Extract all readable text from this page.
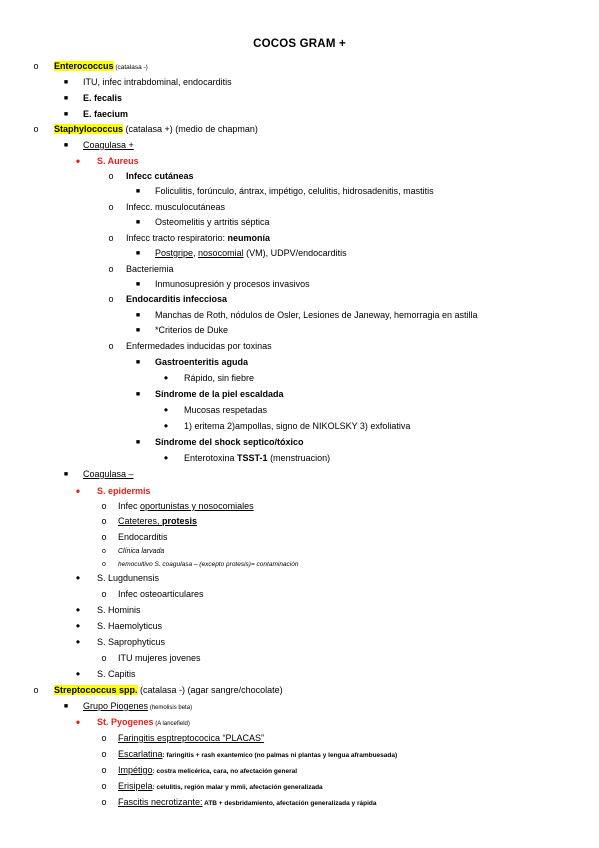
COCOS GRAM +
o	Enterococcus (catalasa -)
■	ITU, infec intrabdominal, endocarditis
■	E. fecalis
■	E. faecium
o	Staphylococcus (catalasa +) (medio de chapman)
■	Coagulasa +
•	S. Aureus
o	Infecc cutáneas
■	Foliculitis, forúnculo, ántrax, impétigo, celulitis, hidrosadenitis, mastitis
o	Infecc. musculocutáneas
■	Osteomelitis y artritis séptica
o	Infecc tracto respiratorio: neumonía
■	Postgripe, nosocomial (VM), UDPV/endocarditis
o	Bacteriemia
■	Inmunosupresión y procesos invasivos
o	Endocarditis infecciosa
■	Manchas de Roth, nódulos de Osler, Lesiones de Janeway, hemorragia en astilla
■	*Criterios de Duke
o	Enfermedades inducidas por toxinas
■	Gastroenteritis aguda
•	Rápido, sin fiebre
■	Síndrome de la piel escaldada
•	Mucosas respetadas
•	1) eritema 2)ampollas, signo de NIKOLSKY 3) exfoliativa
■	Síndrome del shock septico/tóxico
•	Enterotoxina TSST-1 (menstruacion)
■	Coagulasa –
•	S. epidermis
o	Infec oportunistas y nosocomiales
o	Cateteres, protesis
o	Endocarditis
o	Clínica larvada
o	hemocultivo S. coagulasa – (excepto protesis)= contaminación
•	S. Lugdunensis
o	Infec osteoarticulares
•	S. Hominis
•	S. Haemolyticus
•	S. Saprophyticus
o	ITU mujeres jovenes
•	S. Capitis
o	Streptococcus spp. (catalasa -) (agar sangre/chocolate)
■	Grupo Piogenes (hemolisis beta)
•	St. Pyogenes (A lancefield)
o	Faringitis esptreptococica “PLACAS”
o	Escarlatina: faringitis + rash exantemico (no palmas ni plantas y lengua aframbuesada)
o	Impétigo: costra melicérica, cara, no afectación general
o	Erisipela: celulitis, región malar y mmii, afectación generalizada
o	Fascitis necrotizante: ATB + desbridamiento, afectación generalizada y rápida
